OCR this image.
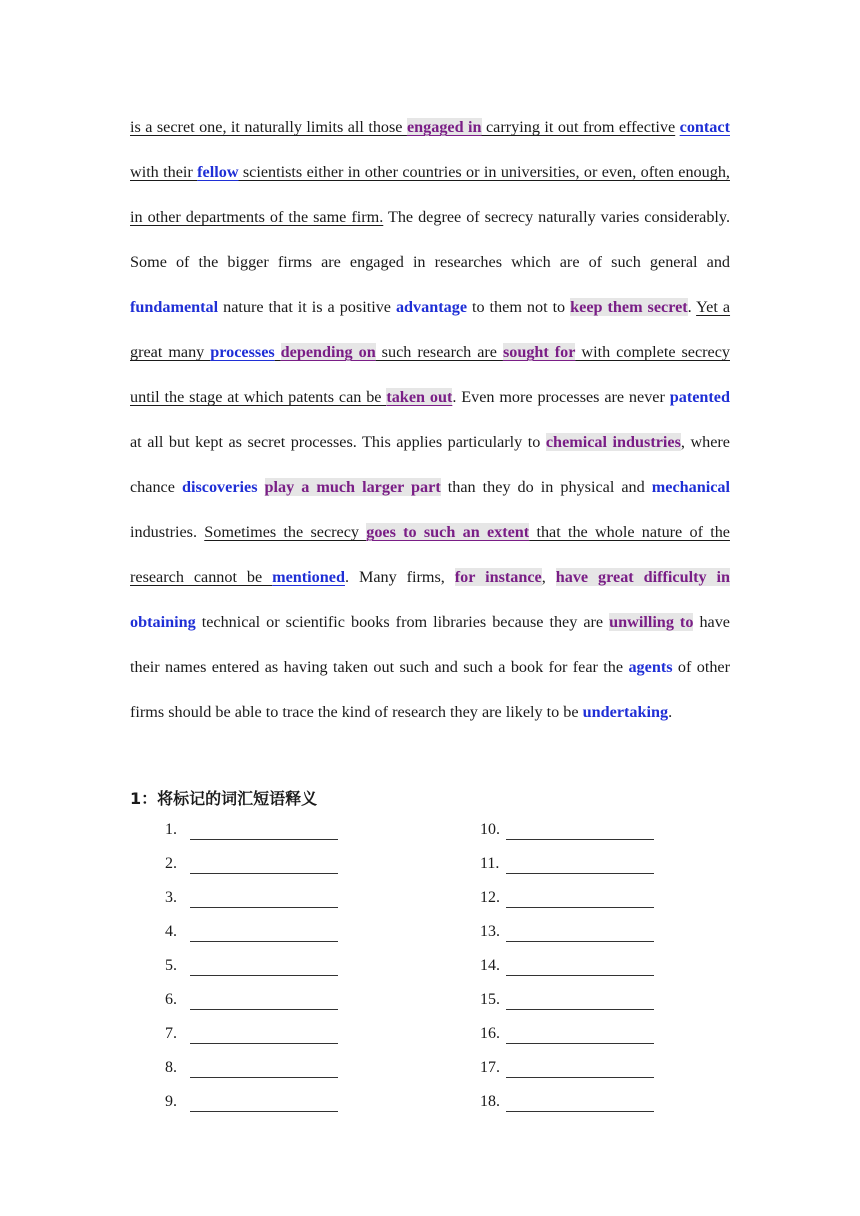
is a secret one, it naturally limits all those engaged in carrying it out from effective contact with their fellow scientists either in other countries or in universities, or even, often enough, in other departments of the same firm. The degree of secrecy naturally varies considerably. Some of the bigger firms are engaged in researches which are of such general and fundamental nature that it is a positive advantage to them not to keep them secret. Yet a great many processes depending on such research are sought for with complete secrecy until the stage at which patents can be taken out. Even more processes are never patented at all but kept as secret processes. This applies particularly to chemical industries, where chance discoveries play a much larger part than they do in physical and mechanical industries. Sometimes the secrecy goes to such an extent that the whole nature of the research cannot be mentioned. Many firms, for instance, have great difficulty in obtaining technical or scientific books from libraries because they are unwilling to have their names entered as having taken out such and such a book for fear the agents of other firms should be able to trace the kind of research they are likely to be undertaking.
1：将标记的词汇短语释义
1.
2.
3.
4.
5.
6.
7.
8.
9.
10.
11.
12.
13.
14.
15.
16.
17.
18.
